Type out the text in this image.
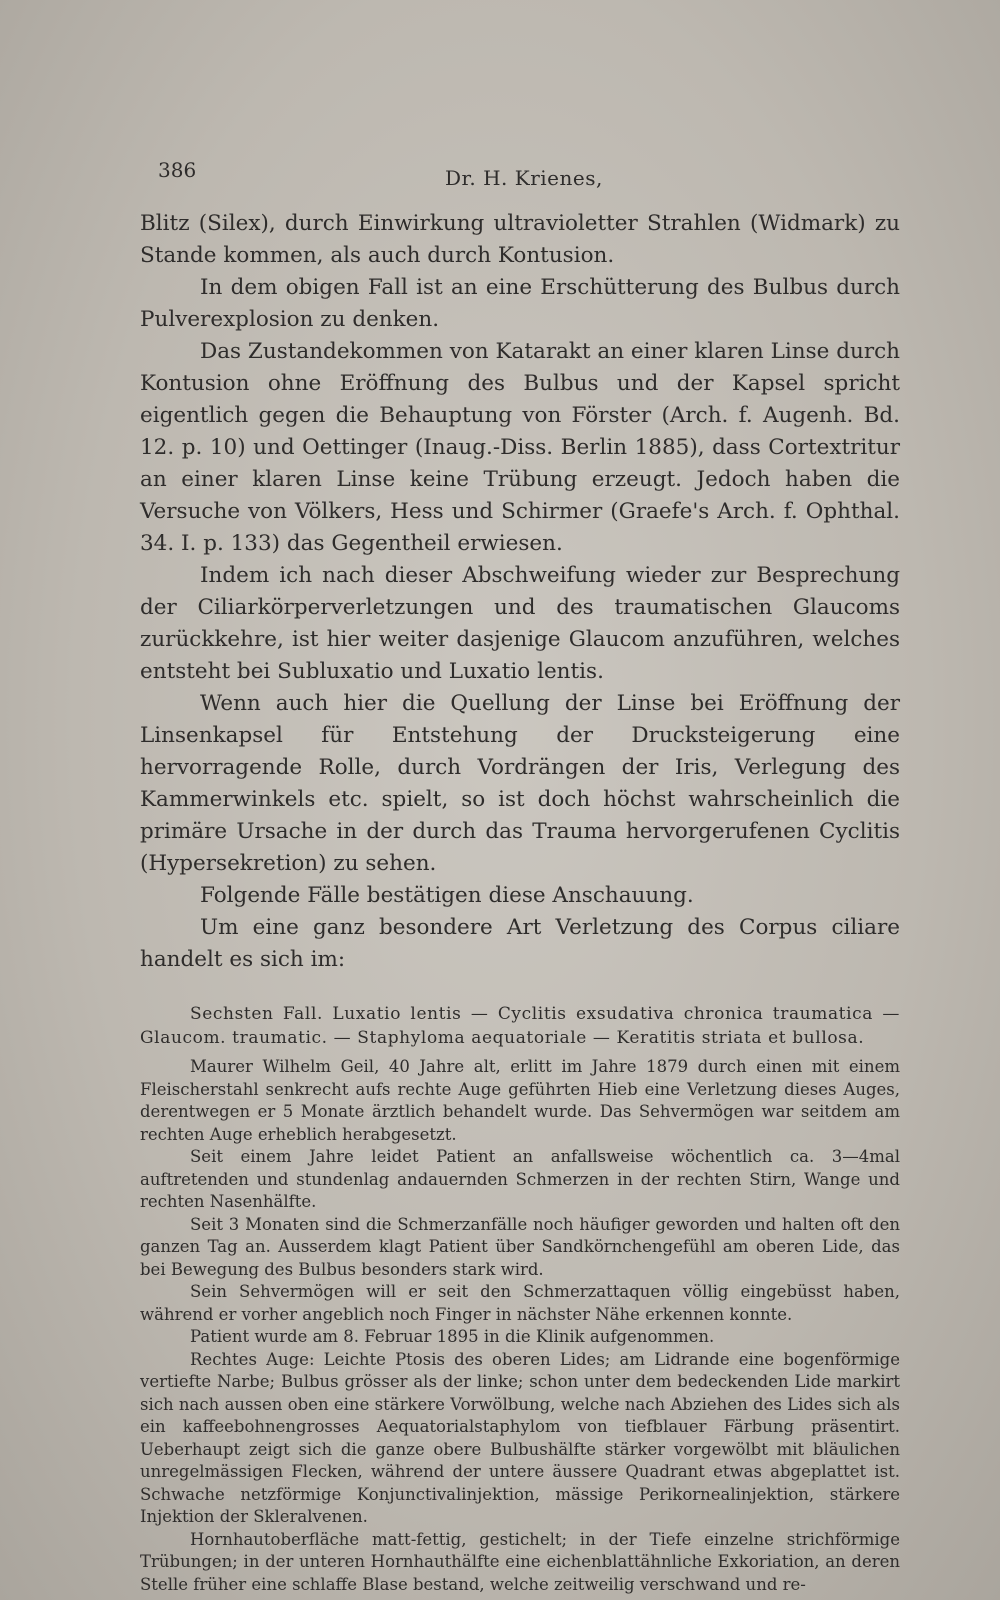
386	Dr. H. Krienes,

Blitz (Silex), durch Einwirkung ultravioletter Strahlen (Widmark) zu Stande kommen, als auch durch Kontusion.

In dem obigen Fall ist an eine Erschütterung des Bulbus durch Pulverexplosion zu denken.

Das Zustandekommen von Katarakt an einer klaren Linse durch Kontusion ohne Eröffnung des Bulbus und der Kapsel spricht eigentlich gegen die Behauptung von Förster (Arch. f. Augenh. Bd. 12. p. 10) und Oettinger (Inaug.-Diss. Berlin 1885), dass Cortextritur an einer klaren Linse keine Trübung erzeugt. Jedoch haben die Versuche von Völkers, Hess und Schirmer (Graefe's Arch. f. Ophthal. 34. I. p. 133) das Gegentheil erwiesen.

Indem ich nach dieser Abschweifung wieder zur Besprechung der Ciliarkörperverletzungen und des traumatischen Glaucoms zurückkehre, ist hier weiter dasjenige Glaucom anzuführen, welches entsteht bei Subluxatio und Luxatio lentis.

Wenn auch hier die Quellung der Linse bei Eröffnung der Linsenkapsel für Entstehung der Drucksteigerung eine hervorragende Rolle, durch Vordrängen der Iris, Verlegung des Kammerwinkels etc. spielt, so ist doch höchst wahrscheinlich die primäre Ursache in der durch das Trauma hervorgerufenen Cyclitis (Hypersekretion) zu sehen.

Folgende Fälle bestätigen diese Anschauung.

Um eine ganz besondere Art Verletzung des Corpus ciliare handelt es sich im:

Sechsten Fall. Luxatio lentis — Cyclitis exsudativa chronica traumatica — Glaucom. traumatic. — Staphyloma aequatoriale — Keratitis striata et bullosa.

Maurer Wilhelm Geil, 40 Jahre alt, erlitt im Jahre 1879 durch einen mit einem Fleischerstahl senkrecht aufs rechte Auge geführten Hieb eine Verletzung dieses Auges, derentwegen er 5 Monate ärztlich behandelt wurde. Das Sehvermögen war seitdem am rechten Auge erheblich herabgesetzt.

Seit einem Jahre leidet Patient an anfallsweise wöchentlich ca. 3—4mal auftretenden und stundenlag andauernden Schmerzen in der rechten Stirn, Wange und rechten Nasenhälfte.

Seit 3 Monaten sind die Schmerzanfälle noch häufiger geworden und halten oft den ganzen Tag an. Ausserdem klagt Patient über Sandkörnchengefühl am oberen Lide, das bei Bewegung des Bulbus besonders stark wird.

Sein Sehvermögen will er seit den Schmerzattaquen völlig eingebüsst haben, während er vorher angeblich noch Finger in nächster Nähe erkennen konnte.

Patient wurde am 8. Februar 1895 in die Klinik aufgenommen.

Rechtes Auge: Leichte Ptosis des oberen Lides; am Lidrande eine bogenförmige vertiefte Narbe; Bulbus grösser als der linke; schon unter dem bedeckenden Lide markirt sich nach aussen oben eine stärkere Vorwölbung, welche nach Abziehen des Lides sich als ein kaffeebohnengrosses Aequatorialstaphylom von tiefblauer Färbung präsentirt. Ueberhaupt zeigt sich die ganze obere Bulbushälfte stärker vorgewölbt mit bläulichen unregelmässigen Flecken, während der untere äussere Quadrant etwas abgeplattet ist. Schwache netzförmige Konjunctivalinjektion, mässige Perikornealinjektion, stärkere Injektion der Skleralvenen.

Hornhautoberfläche matt-fettig, gestichelt; in der Tiefe einzelne strichförmige Trübungen; in der unteren Hornhauthälfte eine eichenblattähnliche Exkoriation, an deren Stelle früher eine schlaffe Blase bestand, welche zeitweilig verschwand und re-
